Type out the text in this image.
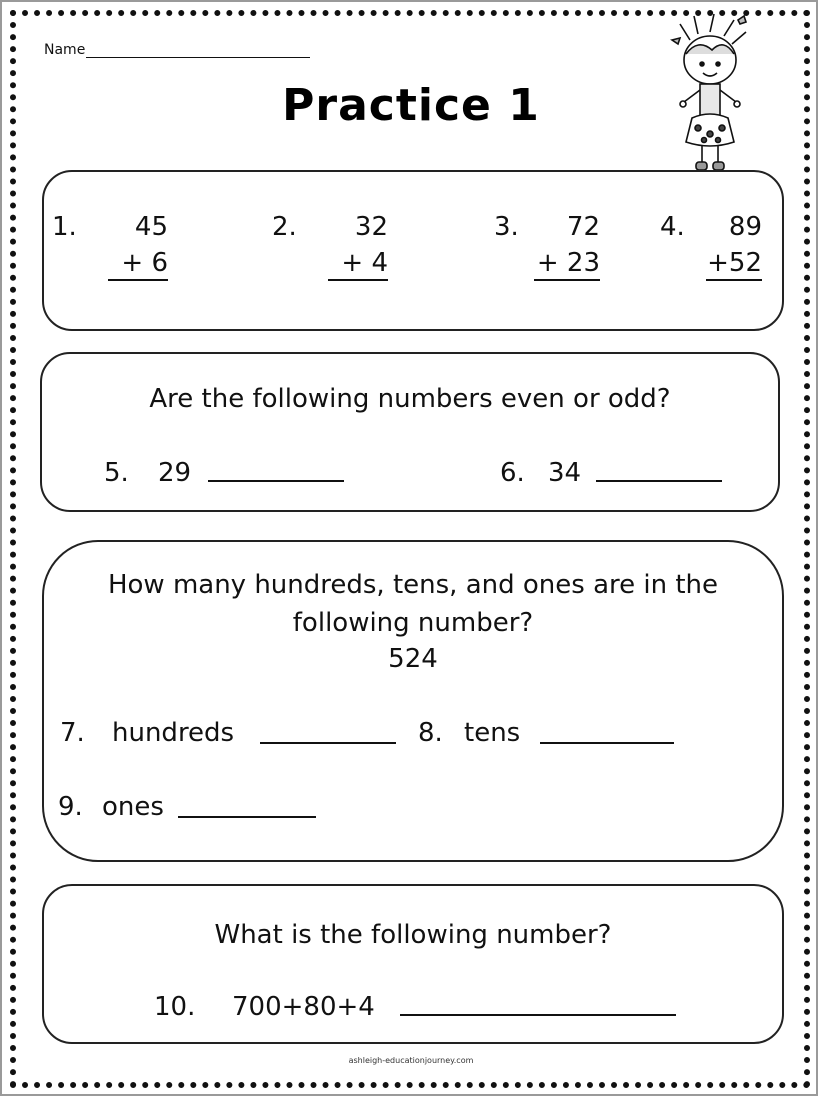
Name
Practice 1
1.	45
+ 6
2.	32
+ 4
3.	72
+ 23
4.	89
+52
Are the following numbers even or odd?
5. 29	6. 34
How many hundreds, tens, and ones are in the
following number?
524
7. hundreds	8. tens
9. ones
What is the following number?
10. 700+80+4
ashleigh-educationjourney.com
